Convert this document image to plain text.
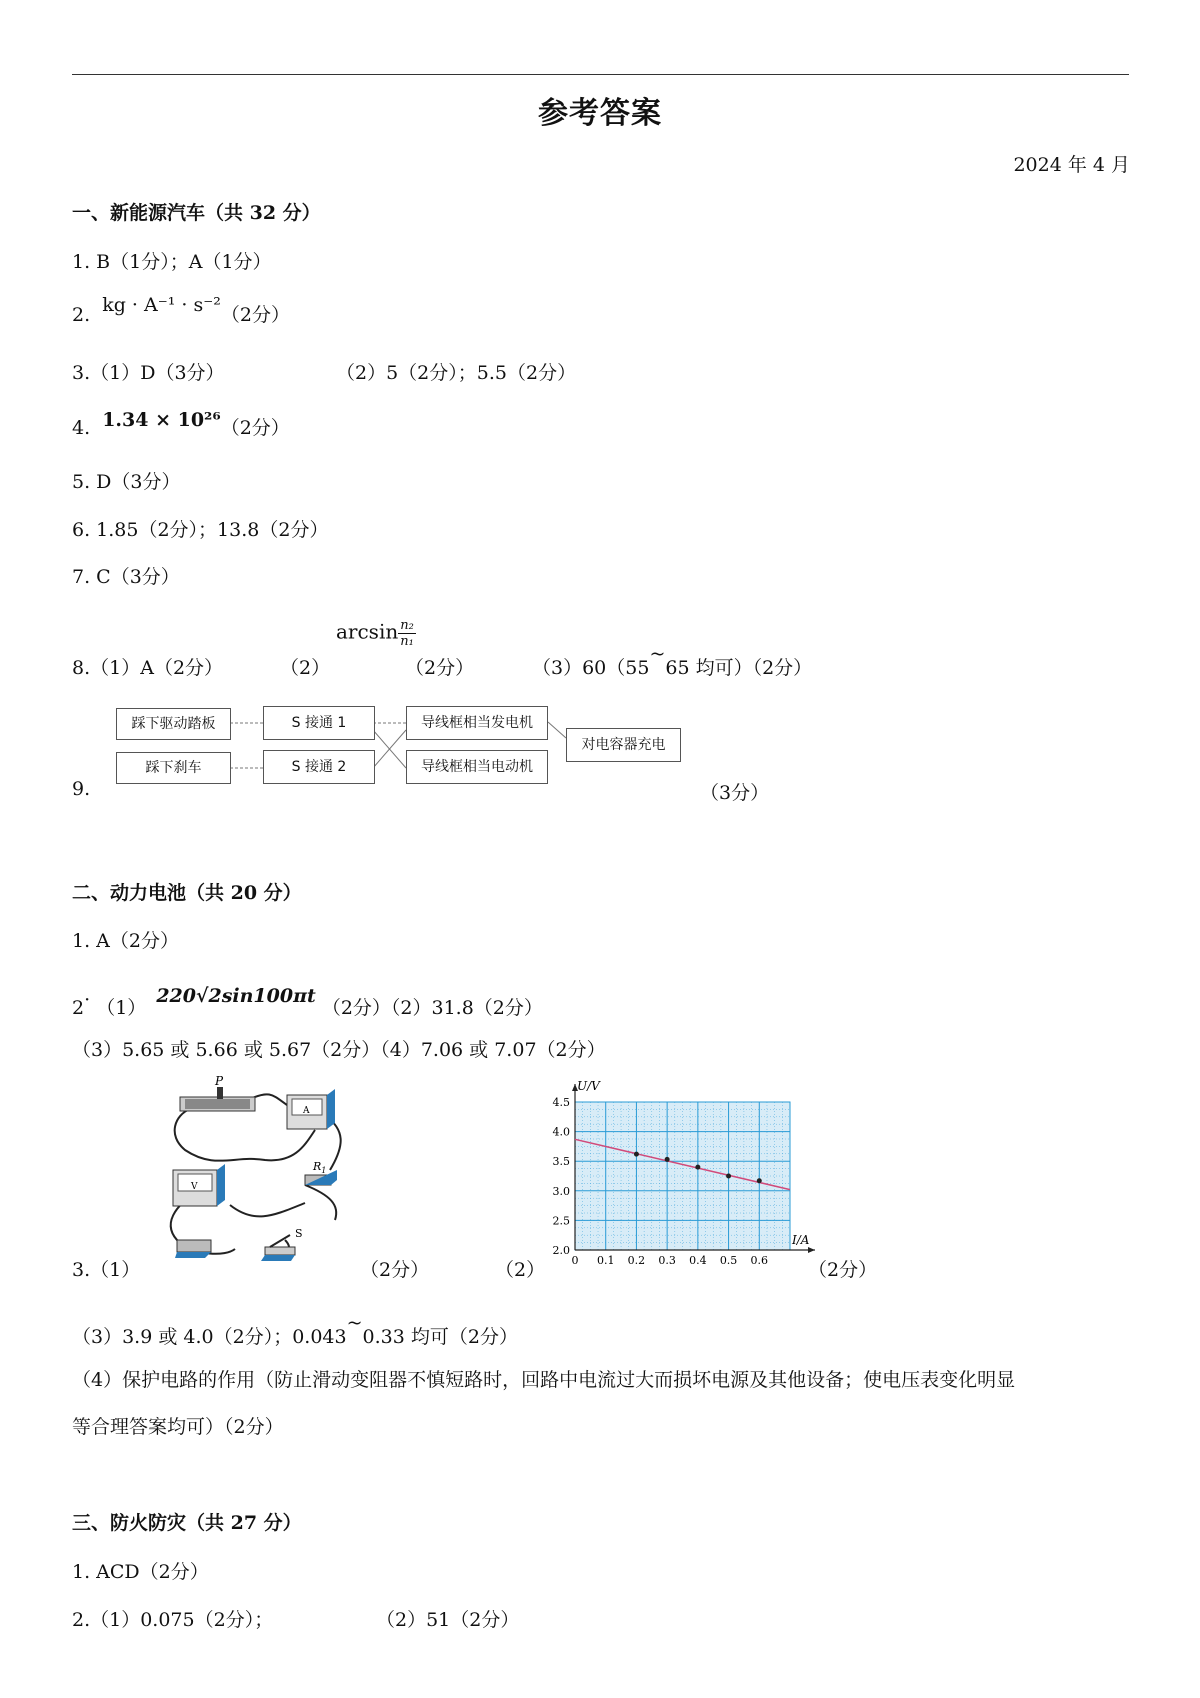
参考答案
2024 年 4 月
一、新能源汽车（共 32 分）
1. B（1分）；A（1分）
2. kg · A⁻¹ · s⁻²（2分）
3.（1）D（3分）	（2）5（2分）；5.5（2分）
4. 1.34 × 10²⁶（2分）
5. D（3分）
6. 1.85（2分）；13.8（2分）
7. C（3分）
8.（1）A（2分）	（2）
$\arcsin \frac{\text{n₂}}{\text{n₁}}$
（2分）	（3）60（55~65 均可）（2分）
9.
踩下驱动踏板
踩下刹车
S 接通 1
S 接通 2
导线框相当发电机
导线框相当电动机
对电容器充电
（3分）
二、动力电池（共 20 分）
1. A（2分）
2· （1） 220√2sin100πt （2分）（2）31.8（2分）
（3）5.65 或 5.66 或 5.67（2分）（4）7.06 或 7.07（2分）
3.（1）
P
A
V
$R_1$
S
（2分）	（2） 0 0.1 0.2 0.3 0.4 0.5 0.6
2.0
2.5
3.0
3.5
4.0
4.5
I/A
U/V
（2分）
（3）3.9 或 4.0（2分）；0.043~0.33 均可（2分）
（4）保护电路的作用（防止滑动变阻器不慎短路时，回路中电流过大而损坏电源及其他设备；使电压表变化明显
等合理答案均可）（2分）
三、防火防灾（共 27 分）
1. ACD（2分）
2.（1）0.075（2分）；	（2）51（2分）
